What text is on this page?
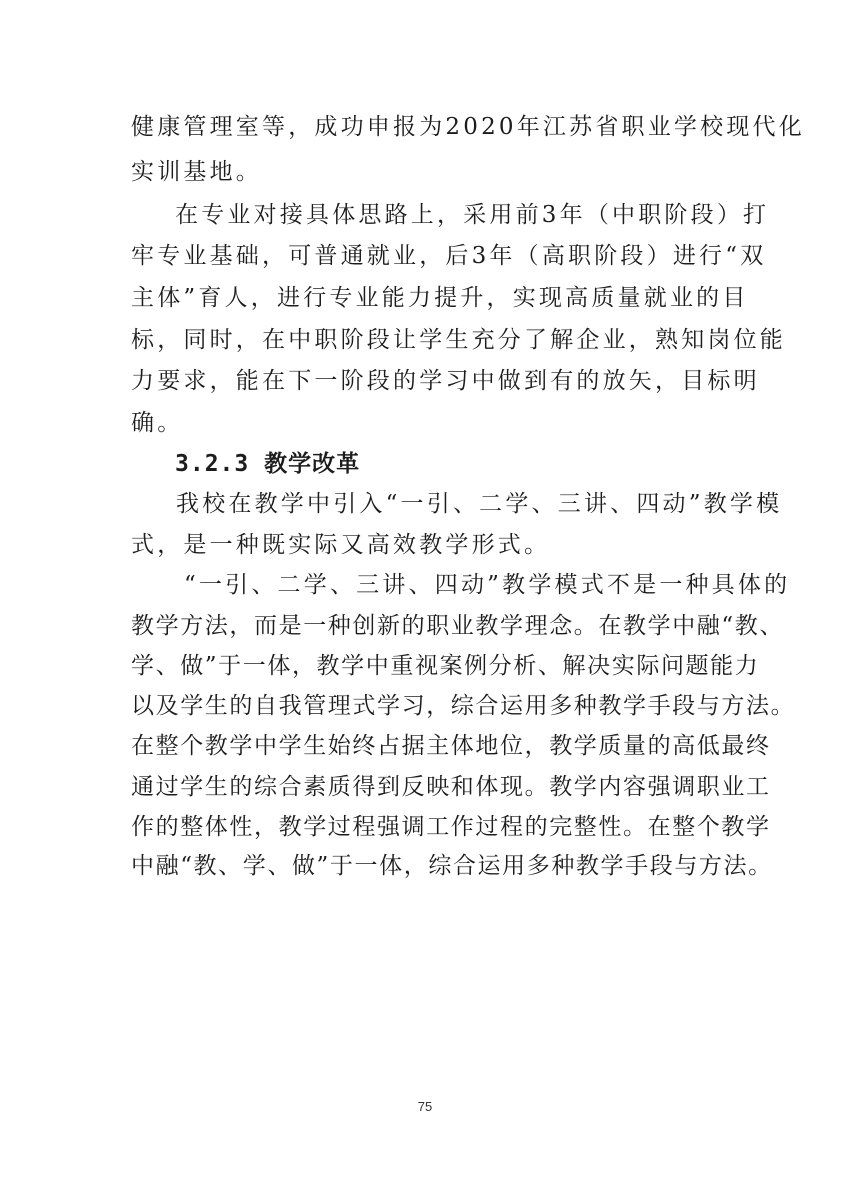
健康管理室等，成功申报为2020年江苏省职业学校现代化
实训基地。
在专业对接具体思路上，采用前3年（中职阶段）打
牢专业基础，可普通就业，后3年（高职阶段）进行“双
主体”育人，进行专业能力提升，实现高质量就业的目
标，同时，在中职阶段让学生充分了解企业，熟知岗位能
力要求，能在下一阶段的学习中做到有的放矢，目标明
确。
3.2.3 教学改革
我校在教学中引入“一引、二学、三讲、四动”教学模
式，是一种既实际又高效教学形式。
“一引、二学、三讲、四动”教学模式不是一种具体的
教学方法，而是一种创新的职业教学理念。在教学中融“教、
学、做”于一体，教学中重视案例分析、解决实际问题能力
以及学生的自我管理式学习，综合运用多种教学手段与方法。
在整个教学中学生始终占据主体地位，教学质量的高低最终
通过学生的综合素质得到反映和体现。教学内容强调职业工
作的整体性，教学过程强调工作过程的完整性。在整个教学
中融“教、学、做”于一体，综合运用多种教学手段与方法。
75
